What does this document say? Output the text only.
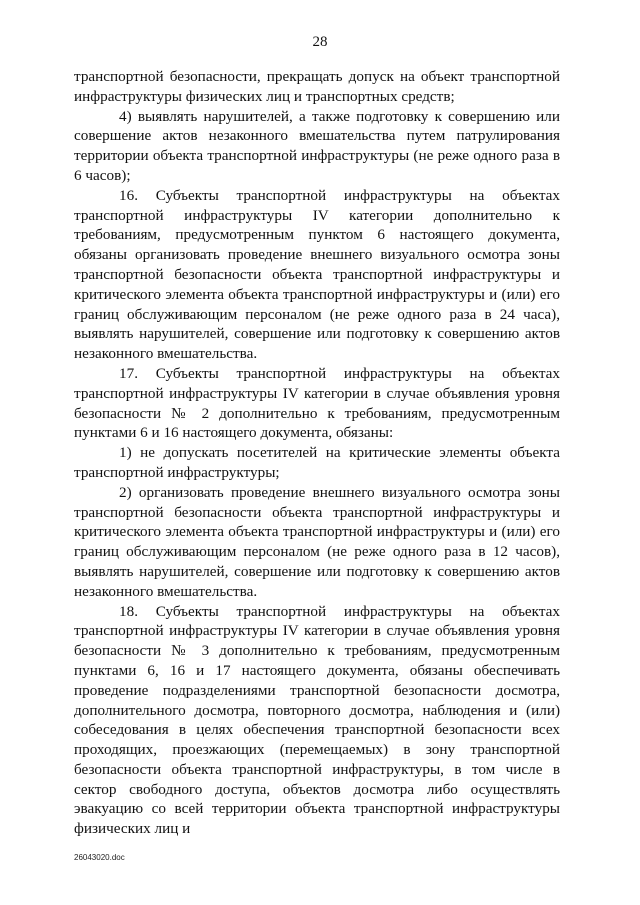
28

транспортной безопасности, прекращать допуск на объект транспортной инфраструктуры физических лиц и транспортных средств;

4) выявлять нарушителей, а также подготовку к совершению или совершение актов незаконного вмешательства путем патрулирования территории объекта транспортной инфраструктуры (не реже одного раза в 6 часов);

16. Субъекты транспортной инфраструктуры на объектах транспортной инфраструктуры IV категории дополнительно к требованиям, предусмотренным пунктом 6 настоящего документа, обязаны организовать проведение внешнего визуального осмотра зоны транспортной безопасности объекта транспортной инфраструктуры и критического элемента объекта транспортной инфраструктуры и (или) его границ обслуживающим персоналом (не реже одного раза в 24 часа), выявлять нарушителей, совершение или подготовку к совершению актов незаконного вмешательства.

17. Субъекты транспортной инфраструктуры на объектах транспортной инфраструктуры IV категории в случае объявления уровня безопасности № 2 дополнительно к требованиям, предусмотренным пунктами 6 и 16 настоящего документа, обязаны:

1) не допускать посетителей на критические элементы объекта транспортной инфраструктуры;

2) организовать проведение внешнего визуального осмотра зоны транспортной безопасности объекта транспортной инфраструктуры и критического элемента объекта транспортной инфраструктуры и (или) его границ обслуживающим персоналом (не реже одного раза в 12 часов), выявлять нарушителей, совершение или подготовку к совершению актов незаконного вмешательства.

18. Субъекты транспортной инфраструктуры на объектах транспортной инфраструктуры IV категории в случае объявления уровня безопасности № 3 дополнительно к требованиям, предусмотренным пунктами 6, 16 и 17 настоящего документа, обязаны обеспечивать проведение подразделениями транспортной безопасности досмотра, дополнительного досмотра, повторного досмотра, наблюдения и (или) собеседования в целях обеспечения транспортной безопасности всех проходящих, проезжающих (перемещаемых) в зону транспортной безопасности объекта транспортной инфраструктуры, в том числе в сектор свободного доступа, объектов досмотра либо осуществлять эвакуацию со всей территории объекта транспортной инфраструктуры физических лиц и

26043020.doc
